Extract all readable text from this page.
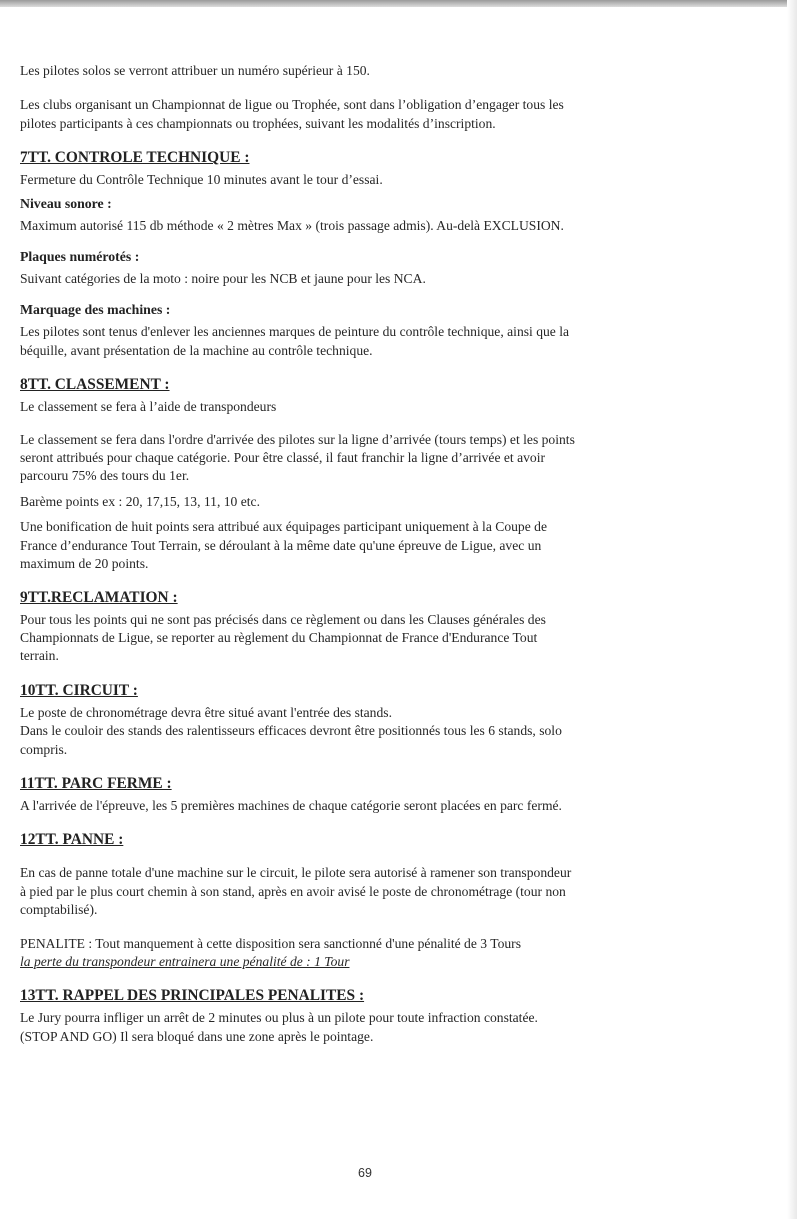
Les pilotes solos se verront attribuer un numéro supérieur à 150.

Les clubs organisant un Championnat de ligue ou Trophée, sont dans l’obligation d’engager tous les
pilotes participants à ces championnats ou trophées, suivant les modalités d’inscription.

7TT. CONTROLE TECHNIQUE :

Fermeture du Contrôle Technique 10 minutes avant le tour d’essai.

Niveau sonore :

Maximum autorisé 115 db méthode « 2 mètres Max » (trois passage admis). Au-delà EXCLUSION.

Plaques numérotés :

Suivant catégories de la moto : noire pour les NCB et jaune pour les NCA.

Marquage des machines :

Les pilotes sont tenus d'enlever les anciennes marques de peinture du contrôle technique, ainsi que la
béquille, avant présentation de la machine au contrôle technique.

8TT. CLASSEMENT :

Le classement se fera à l’aide de transpondeurs

Le classement se fera dans l'ordre d'arrivée des pilotes sur la ligne d’arrivée (tours temps) et les points
seront attribués pour chaque catégorie. Pour être classé, il faut franchir la ligne d’arrivée et avoir
parcouru 75% des tours du 1er.

Barème points ex : 20, 17,15, 13, 11, 10 etc.

Une bonification de huit points sera attribué aux équipages participant uniquement à la Coupe de
France d’endurance Tout Terrain, se déroulant à la même date qu'une épreuve de Ligue, avec un
maximum de 20 points.

9TT.RECLAMATION :

Pour tous les points qui ne sont pas précisés dans ce règlement ou dans les Clauses générales des
Championnats de Ligue, se reporter au règlement du Championnat de France d'Endurance Tout
terrain.

10TT. CIRCUIT :

Le poste de chronométrage devra être situé avant l'entrée des stands.
Dans le couloir des stands des ralentisseurs efficaces devront être positionnés tous les 6 stands, solo
compris.

11TT. PARC FERME :

A l'arrivée de l'épreuve, les 5 premières machines de chaque catégorie seront placées en parc fermé.

12TT. PANNE :

En cas de panne totale d'une machine sur le circuit, le pilote sera autorisé à ramener son transpondeur
à pied par le plus court chemin à son stand, après en avoir avisé le poste de chronométrage (tour non
comptabilisé).

PENALITE : Tout manquement à cette disposition sera sanctionné d'une pénalité de 3 Tours

la perte du transpondeur entrainera une pénalité de : 1 Tour

13TT. RAPPEL DES PRINCIPALES PENALITES :

Le Jury pourra infliger un arrêt de 2 minutes ou plus à un pilote pour toute infraction constatée.
(STOP AND GO) Il sera bloqué dans une zone après le pointage.

69
